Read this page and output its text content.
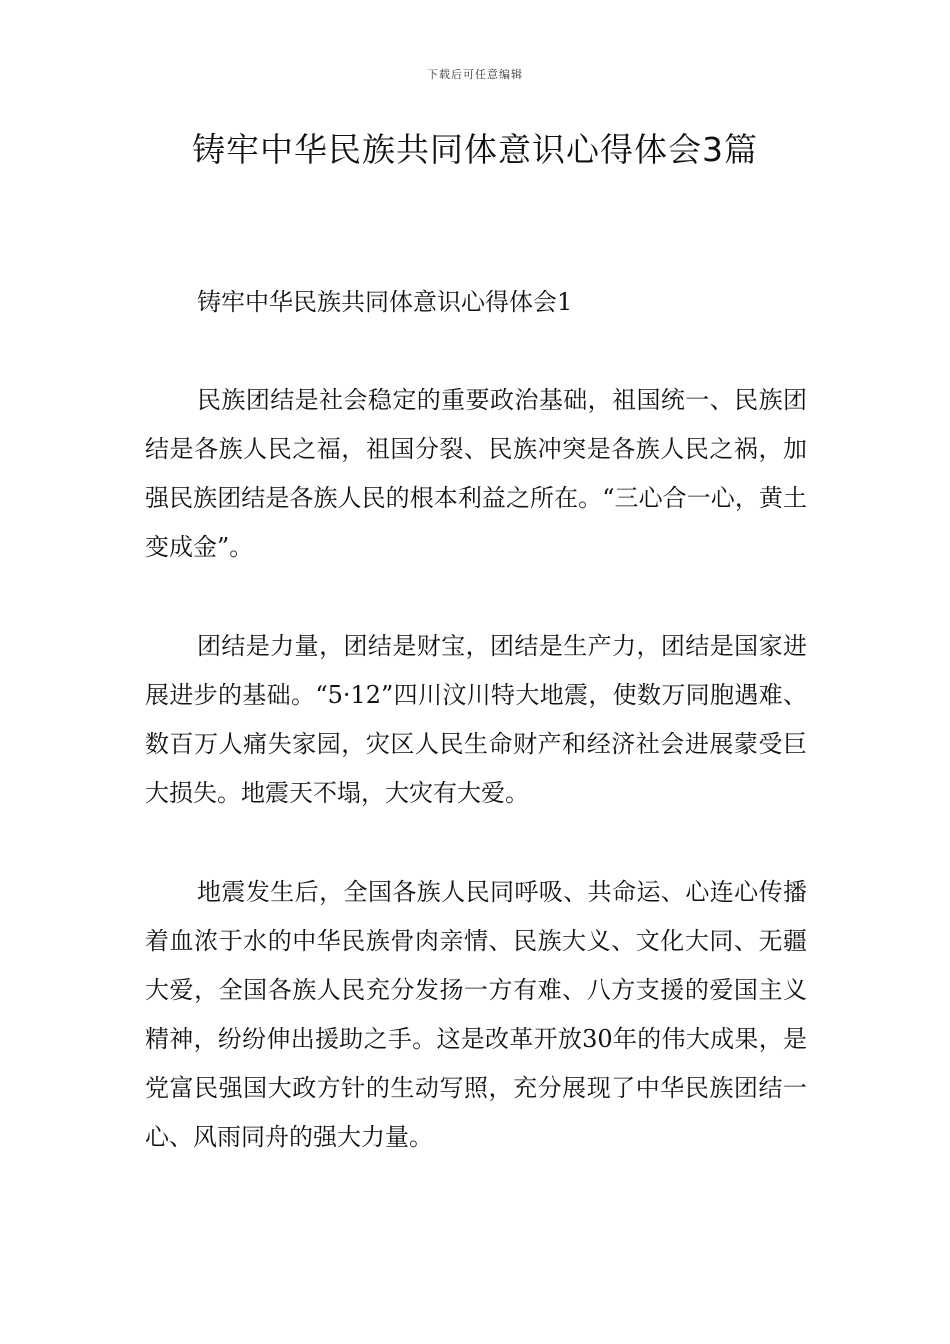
下载后可任意编辑
铸牢中华民族共同体意识心得体会3篇

铸牢中华民族共同体意识心得体会1

民族团结是社会稳定的重要政治基础，祖国统一、民族团结是各族人民之福，祖国分裂、民族冲突是各族人民之祸，加强民族团结是各族人民的根本利益之所在。“三心合一心，黄土变成金”。

团结是力量，团结是财宝，团结是生产力，团结是国家进展进步的基础。“5·12”四川汶川特大地震，使数万同胞遇难、数百万人痛失家园，灾区人民生命财产和经济社会进展蒙受巨大损失。地震天不塌，大灾有大爱。

地震发生后，全国各族人民同呼吸、共命运、心连心传播着血浓于水的中华民族骨肉亲情、民族大义、文化大同、无疆大爱，全国各族人民充分发扬一方有难、八方支援的爱国主义精神，纷纷伸出援助之手。这是改革开放30年的伟大成果，是党富民强国大政方针的生动写照，充分展现了中华民族团结一心、风雨同舟的强大力量。
